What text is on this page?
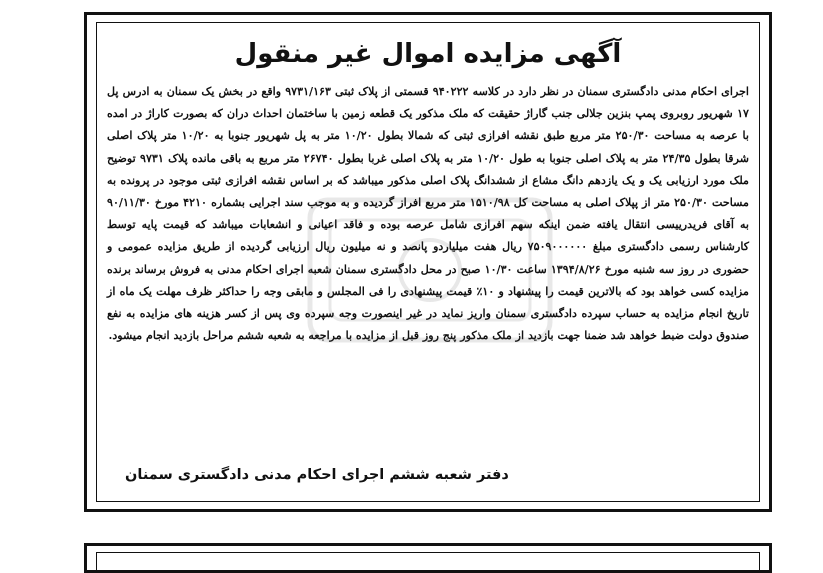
آگهی مزایده اموال غیر منقول

اجرای احکام مدنی دادگستری سمنان در نظر دارد در کلاسه ۹۴۰۲۲۲ قسمتی از پلاک ثبتی ۹۷۳۱/۱۶۳ واقع در بخش یک سمنان به ادرس پل ۱۷ شهریور روبروی پمپ بنزین جلالی جنب گاراژ حقیقت که ملک مذکور یک قطعه زمین با ساختمان احداث دران که بصورت کاراژ در امده با عرصه به مساحت ۲۵۰/۳۰ متر مربع طبق نقشه افرازی ثبتی که شمالا بطول ۱۰/۲۰ متر به پل شهریور جنوبا به ۱۰/۲۰ متر پلاک اصلی شرقا بطول ۲۴/۳۵ متر به پلاک اصلی جنوبا به طول ۱۰/۲۰ متر به پلاک اصلی غربا بطول ۲۶۷۴۰ متر مربع به باقی مانده پلاک ۹۷۳۱ توضیح ملک مورد ارزیابی یک و یک یازدهم دانگ مشاع از ششدانگ پلاک اصلی مذکور میباشد که بر اساس نقشه افرازی ثبتی موجود در پرونده به مساحت ۲۵۰/۳۰ متر از پپلاک اصلی به مساحت کل ۱۵۱۰/۹۸ متر مربع افراز گردیده و به موجب سند اجرایی بشماره ۴۲۱۰ مورخ ۹۰/۱۱/۳۰ به آقای فریدرییسی انتقال یافته ضمن اینکه سهم افرازی شامل عرصه بوده و فاقد اعیانی و انشعابات میباشد که قیمت پایه توسط کارشناس رسمی دادگستری مبلغ ۷۵۰۹۰۰۰۰۰۰ ریال هفت میلیاردو پانصد و نه میلیون ریال ارزیابی گردیده از طریق مزایده عمومی و حضوری در روز سه شنبه مورخ ۱۳۹۴/۸/۲۶ ساعت ۱۰/۳۰ صبح در محل دادگستری سمنان شعبه اجرای احکام مدنی به فروش برساند برنده مزایده کسی خواهد بود که بالاترین قیمت را پیشنهاد و ۱۰٪ قیمت پیشنهادی را فی المجلس و مابقی وجه را حداکثر ظرف مهلت یک ماه از تاریخ انجام مزایده به حساب سپرده دادگستری سمنان واریز نماید در غیر اینصورت وجه سپرده وی پس از کسر هزینه های مزایده به نفع صندوق دولت ضبط خواهد شد ضمنا جهت بازدید از ملک مذکور پنج روز قبل از مزایده با مراجعه به شعبه ششم مراحل بازدید انجام میشود.

دفتر شعبه ششم اجرای احکام مدنی دادگستری سمنان
